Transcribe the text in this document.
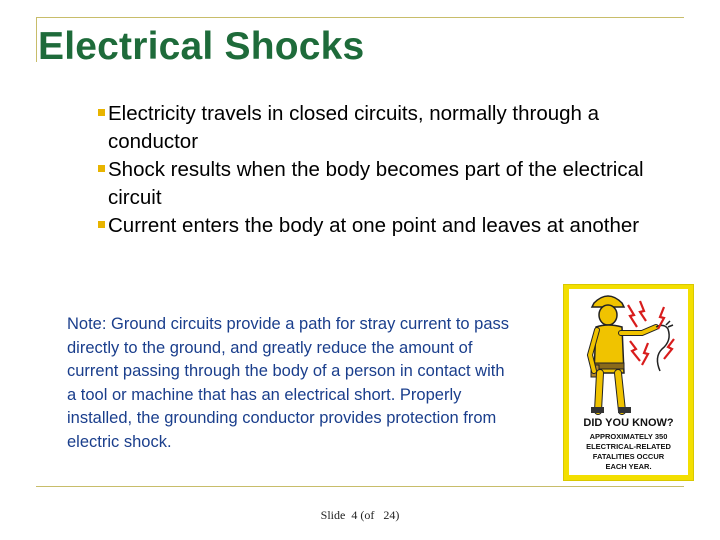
Electrical Shocks
Electricity travels in closed circuits, normally through a conductor
Shock results when the body becomes part of the electrical circuit
Current enters the body at one point and leaves at another
Note: Ground circuits provide a path for stray current to pass directly to the ground, and greatly reduce the amount of current passing through the body of a person in contact with a tool or machine that has an electrical short. Properly installed, the grounding conductor provides protection from electric shock.
DID YOU KNOW?
APPROXIMATELY 350
ELECTRICAL-RELATED
FATALITIES OCCUR
EACH YEAR.
Slide  4 (of   24)
